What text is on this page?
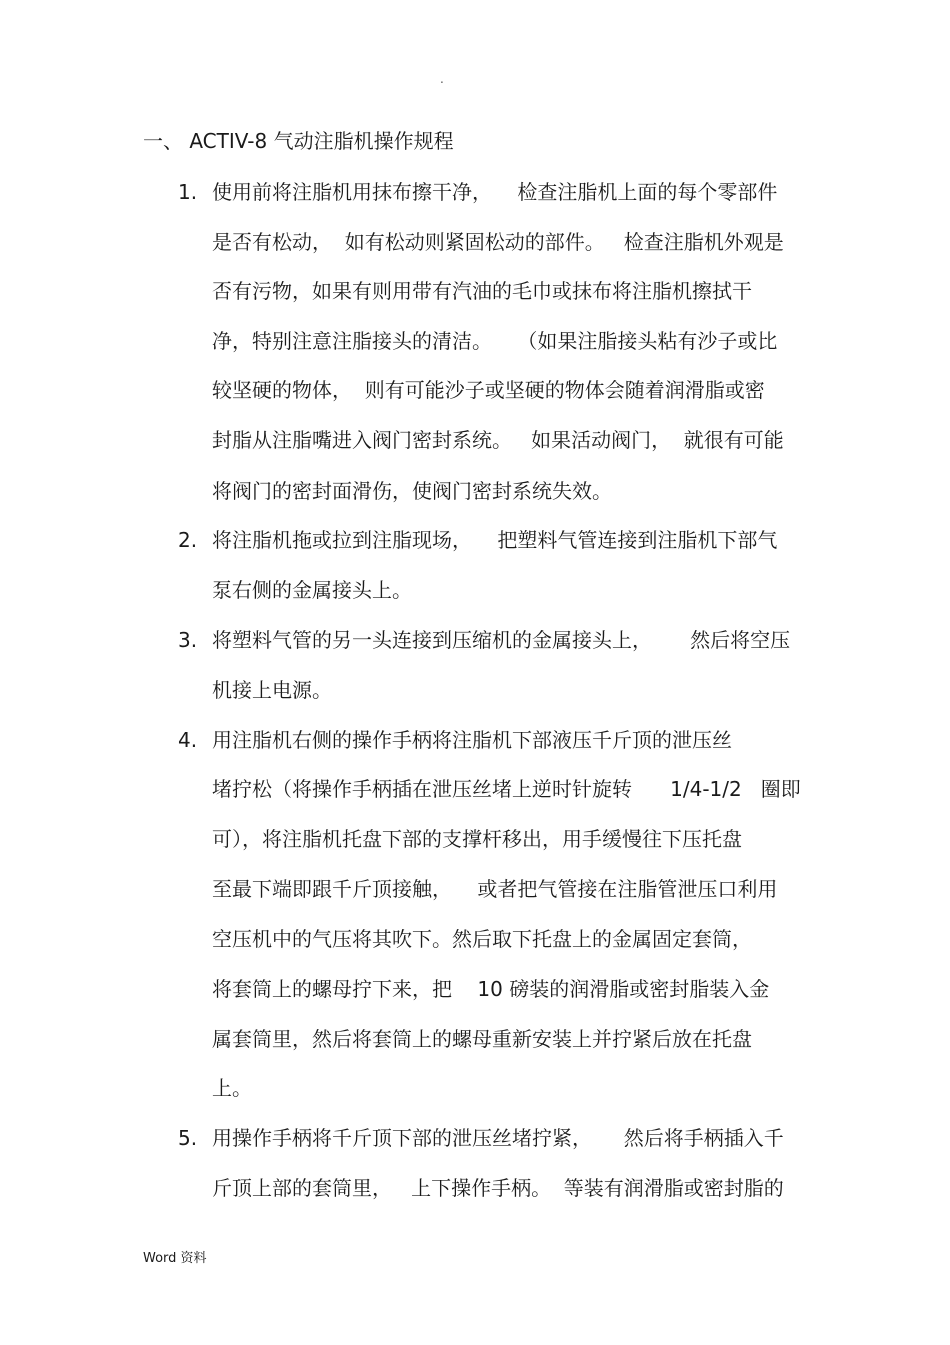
.
一、 ACTIV-8 气动注脂机操作规程
1. 使用前将注脂机用抹布擦干净，    检查注脂机上面的每个零部件
是否有松动，  如有松动则紧固松动的部件。   检查注脂机外观是
否有污物，如果有则用带有汽油的毛巾或抹布将注脂机擦拭干
净，特别注意注脂接头的清洁。    （如果注脂接头粘有沙子或比
较坚硬的物体，  则有可能沙子或坚硬的物体会随着润滑脂或密
封脂从注脂嘴进入阀门密封系统。   如果活动阀门，  就很有可能
将阀门的密封面滑伤，使阀门密封系统失效。
2. 将注脂机拖或拉到注脂现场，    把塑料气管连接到注脂机下部气
泵右侧的金属接头上。
3. 将塑料气管的另一头连接到压缩机的金属接头上，      然后将空压
机接上电源。
4. 用注脂机右侧的操作手柄将注脂机下部液压千斤顶的泄压丝
堵拧松（将操作手柄插在泄压丝堵上逆时针旋转      1/4-1/2   圈即
可），将注脂机托盘下部的支撑杆移出，用手缓慢往下压托盘
至最下端即跟千斤顶接触，    或者把气管接在注脂管泄压口利用
空压机中的气压将其吹下。然后取下托盘上的金属固定套筒，
将套筒上的螺母拧下来，把    10 磅装的润滑脂或密封脂装入金
属套筒里，然后将套筒上的螺母重新安装上并拧紧后放在托盘
上。
5. 用操作手柄将千斤顶下部的泄压丝堵拧紧，     然后将手柄插入千
斤顶上部的套筒里，   上下操作手柄。  等装有润滑脂或密封脂的
Word 资料
